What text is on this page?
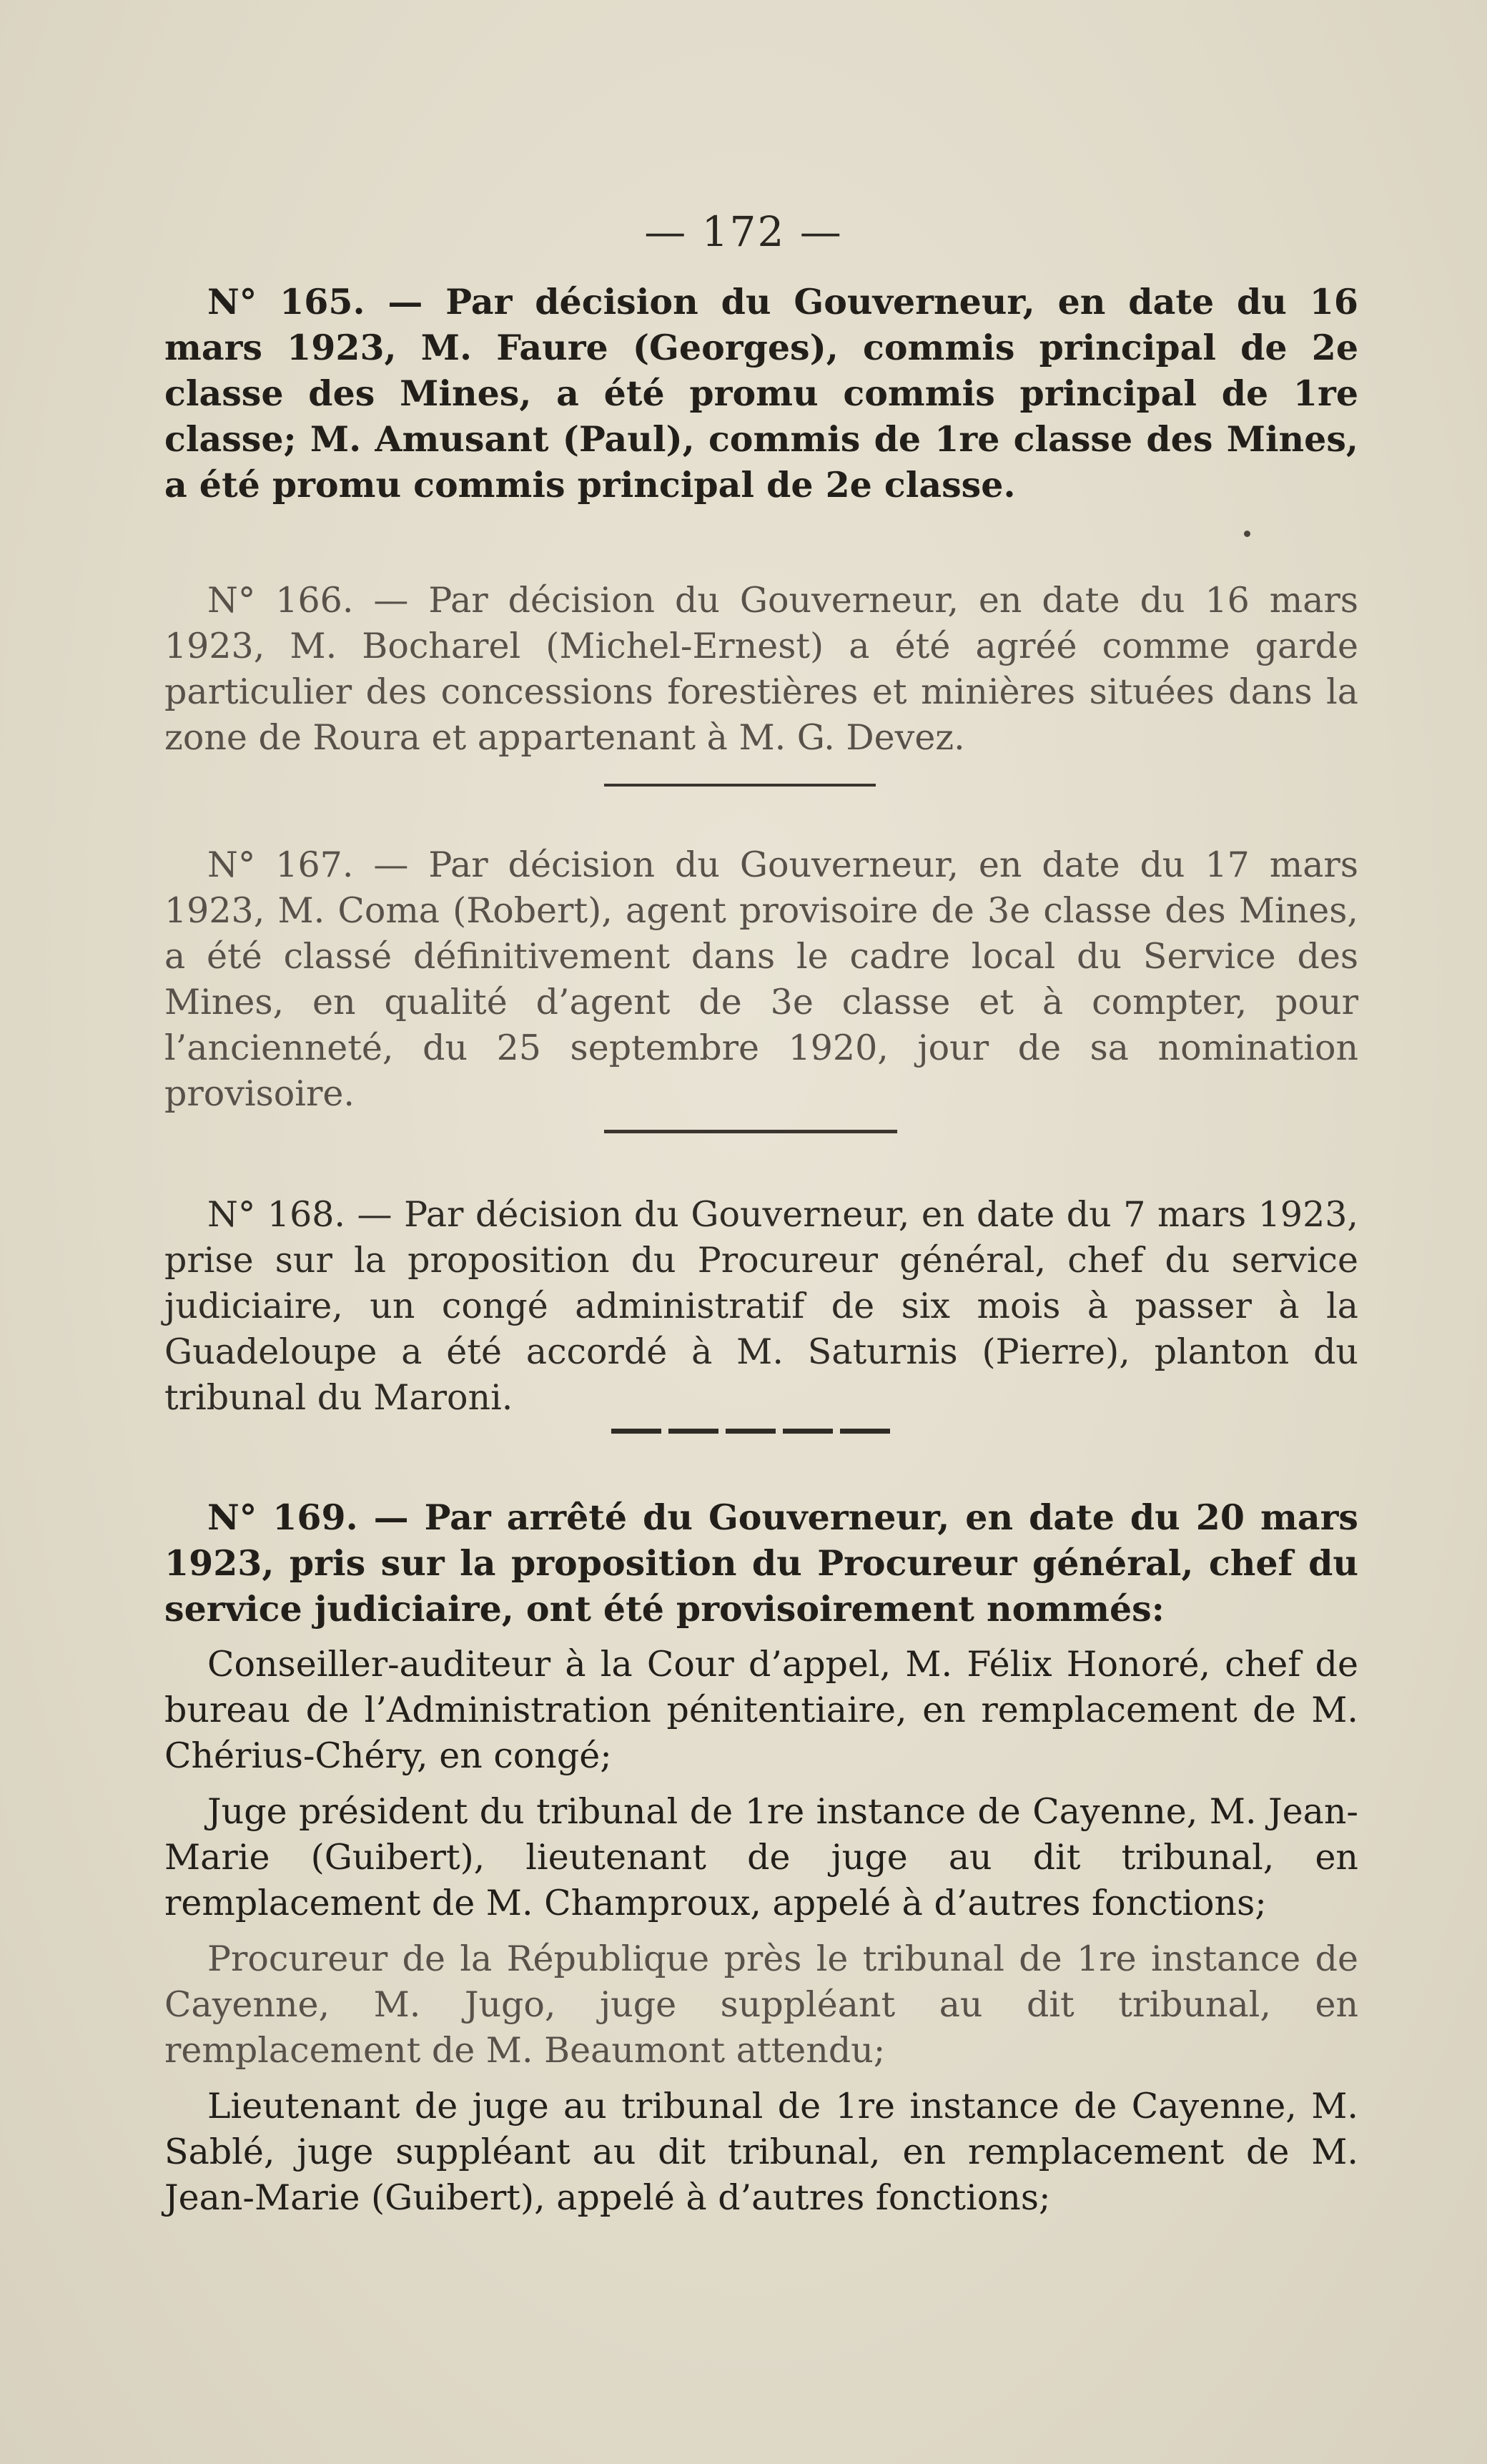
— 172 —

N° 165. — Par décision du Gouverneur, en date du 16 mars 1923, M. Faure (Georges), commis principal de 2e classe des Mines, a été promu commis principal de 1re classe; M. Amusant (Paul), commis de 1re classe des Mines, a été promu commis principal de 2e classe.

N° 166. — Par décision du Gouverneur, en date du 16 mars 1923, M. Bocharel (Michel-Ernest) a été agréé comme garde particulier des concessions forestières et minières situées dans la zone de Roura et appartenant à M. G. Devez.

N° 167. — Par décision du Gouverneur, en date du 17 mars 1923, M. Coma (Robert), agent provisoire de 3e classe des Mines, a été classé définitivement dans le cadre local du Service des Mines, en qualité d’agent de 3e classe et à compter, pour l’ancienneté, du 25 septembre 1920, jour de sa nomination provisoire.

N° 168. — Par décision du Gouverneur, en date du 7 mars 1923, prise sur la proposition du Procureur général, chef du service judiciaire, un congé administratif de six mois à passer à la Guadeloupe a été accordé à M. Saturnis (Pierre), planton du tribunal du Maroni.

N° 169. — Par arrêté du Gouverneur, en date du 20 mars 1923, pris sur la proposition du Procureur général, chef du service judiciaire, ont été provisoirement nommés:

Conseiller-auditeur à la Cour d’appel, M. Félix Honoré, chef de bureau de l’Administration pénitentiaire, en remplacement de M. Chérius-Chéry, en congé;

Juge président du tribunal de 1re instance de Cayenne, M. Jean-Marie (Guibert), lieutenant de juge au dit tribunal, en remplacement de M. Champroux, appelé à d’autres fonctions;

Procureur de la République près le tribunal de 1re instance de Cayenne, M. Jugo, juge suppléant au dit tribunal, en remplacement de M. Beaumont attendu;

Lieutenant de juge au tribunal de 1re instance de Cayenne, M. Sablé, juge suppléant au dit tribunal, en remplacement de M. Jean-Marie (Guibert), appelé à d’autres fonctions;
